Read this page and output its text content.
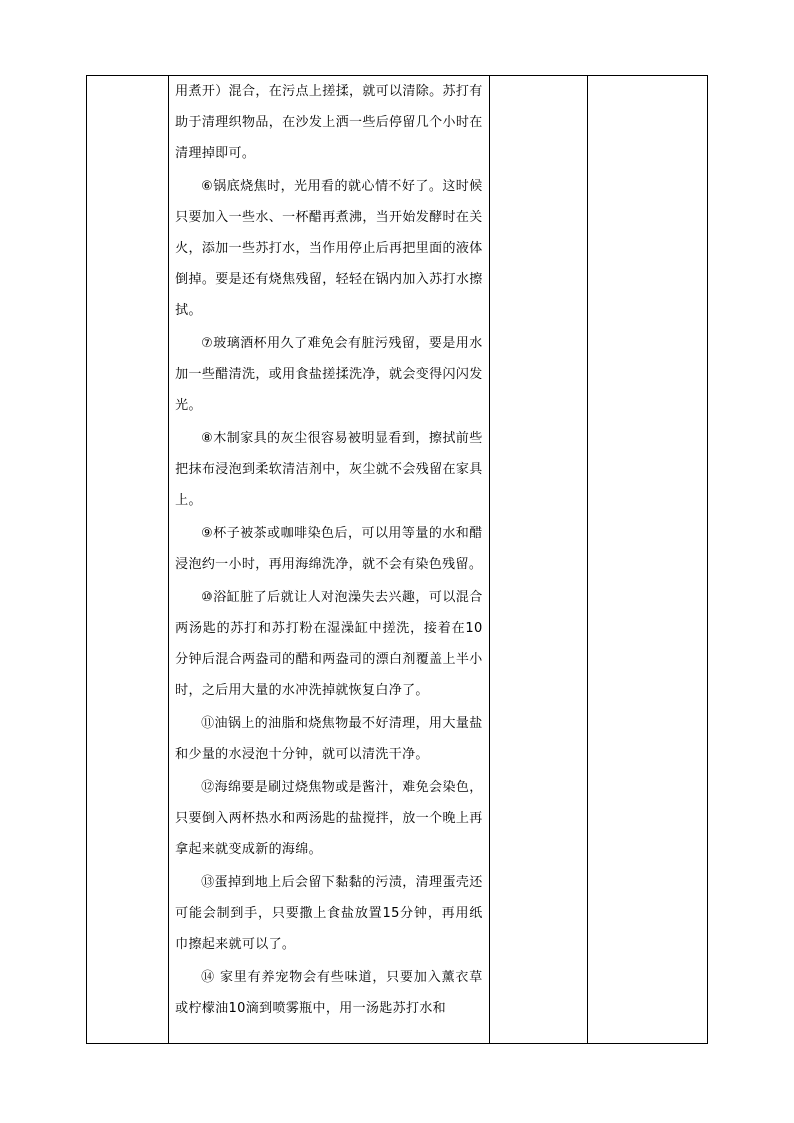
用煮开）混合，在污点上搓揉，就可以清除。苏打有助于清理织物品，在沙发上洒一些后停留几个小时在清理掉即可。

⑥锅底烧焦时，光用看的就心情不好了。这时候只要加入一些水、一杯醋再煮沸，当开始发酵时在关火，添加一些苏打水，当作用停止后再把里面的液体倒掉。要是还有烧焦残留，轻轻在锅内加入苏打水擦拭。

⑦玻璃酒杯用久了难免会有脏污残留，要是用水加一些醋清洗，或用食盐搓揉洗净，就会变得闪闪发光。

⑧木制家具的灰尘很容易被明显看到，擦拭前些把抹布浸泡到柔软清洁剂中，灰尘就不会残留在家具上。

⑨杯子被茶或咖啡染色后，可以用等量的水和醋浸泡约一小时，再用海绵洗净，就不会有染色残留。

⑩浴缸脏了后就让人对泡澡失去兴趣，可以混合两汤匙的苏打和苏打粉在湿澡缸中搓洗，接着在10分钟后混合两盎司的醋和两盎司的漂白剂覆盖上半小时，之后用大量的水冲洗掉就恢复白净了。

⑪油锅上的油脂和烧焦物最不好清理，用大量盐和少量的水浸泡十分钟，就可以清洗干净。

⑫海绵要是刷过烧焦物或是酱汁，难免会染色，只要倒入两杯热水和两汤匙的盐搅拌，放一个晚上再拿起来就变成新的海绵。

⑬蛋掉到地上后会留下黏黏的污渍，清理蛋壳还可能会制到手，只要撒上食盐放置15分钟，再用纸巾擦起来就可以了。

⑭ 家里有养宠物会有些味道，只要加入薰衣草或柠檬油10滴到喷雾瓶中，用一汤匙苏打水和
